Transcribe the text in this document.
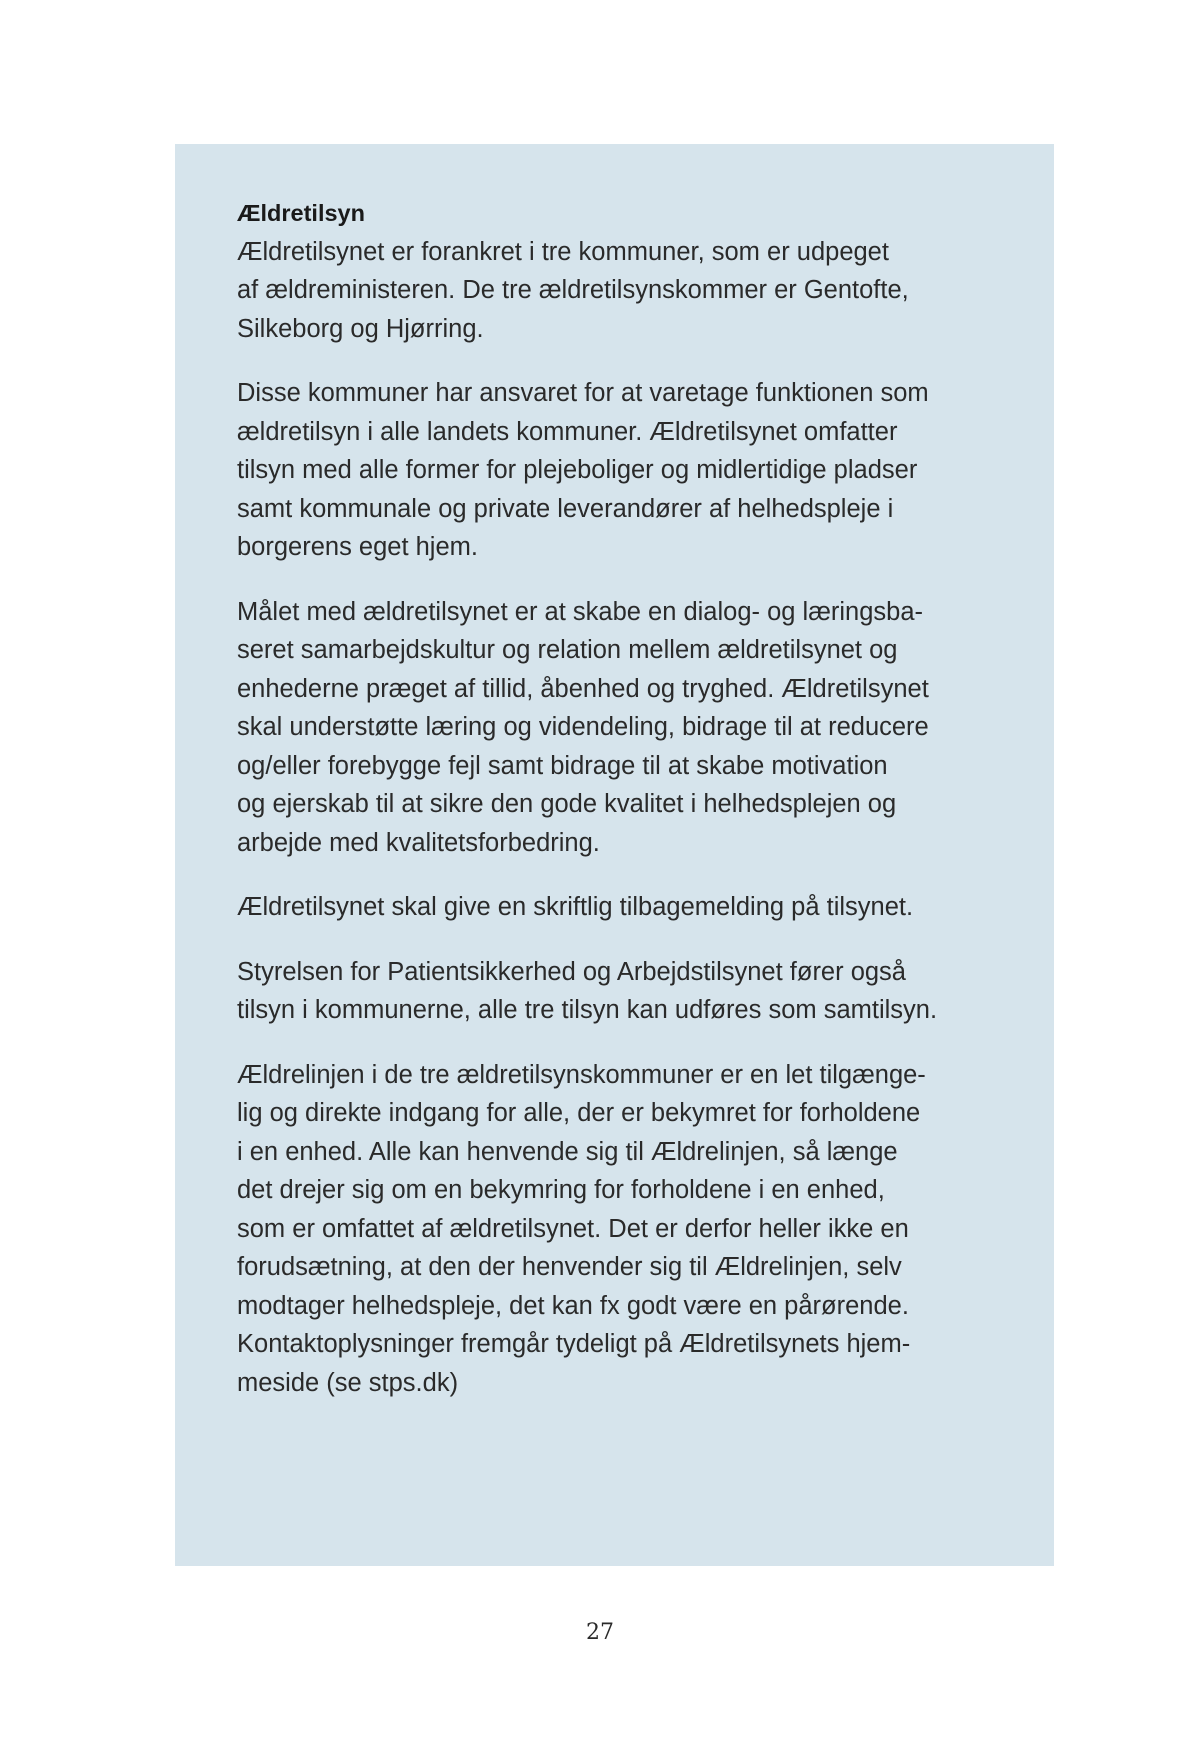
Ældretilsyn

Ældretilsynet er forankret i tre kommuner, som er udpeget
af ældreministeren. De tre ældretilsynskommer er Gentofte,
Silkeborg og Hjørring.

Disse kommuner har ansvaret for at varetage funktionen som
ældretilsyn i alle landets kommuner. Ældretilsynet omfatter
tilsyn med alle former for plejeboliger og midlertidige pladser
samt kommunale og private leverandører af helhedspleje i
borgerens eget hjem.

Målet med ældretilsynet er at skabe en dialog- og læringsba-
seret samarbejdskultur og relation mellem ældretilsynet og
enhederne præget af tillid, åbenhed og tryghed. Ældretilsynet
skal understøtte læring og videndeling, bidrage til at reducere
og/eller forebygge fejl samt bidrage til at skabe motivation
og ejerskab til at sikre den gode kvalitet i helhedsplejen og
arbejde med kvalitetsforbedring.

Ældretilsynet skal give en skriftlig tilbagemelding på tilsynet.

Styrelsen for Patientsikkerhed og Arbejdstilsynet fører også
tilsyn i kommunerne, alle tre tilsyn kan udføres som samtilsyn.

Ældrelinjen i de tre ældretilsynskommuner er en let tilgænge-
lig og direkte indgang for alle, der er bekymret for forholdene
i en enhed. Alle kan henvende sig til Ældrelinjen, så længe
det drejer sig om en bekymring for forholdene i en enhed,
som er omfattet af ældretilsynet. Det er derfor heller ikke en
forudsætning, at den der henvender sig til Ældrelinjen, selv
modtager helhedspleje, det kan fx godt være en pårørende.
Kontaktoplysninger fremgår tydeligt på Ældretilsynets hjem-
meside (se stps.dk)

27
